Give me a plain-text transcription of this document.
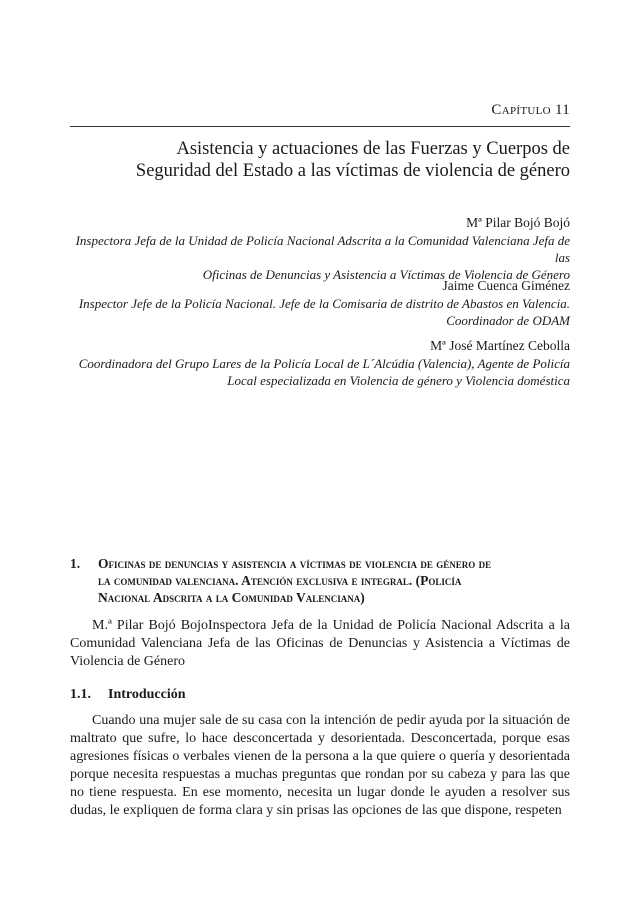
Capítulo 11
Asistencia y actuaciones de las Fuerzas y Cuerpos de
Seguridad del Estado a las víctimas de violencia de género
Mª Pilar Bojó Bojó
Inspectora Jefa de la Unidad de Policía Nacional Adscrita a la Comunidad Valenciana Jefa de las
Oficinas de Denuncias y Asistencia a Víctimas de Violencia de Género
Jaime Cuenca Giménez
Inspector Jefe de la Policía Nacional. Jefe de la Comisaria de distrito de Abastos en Valencia.
Coordinador de ODAM
Mª José Martínez Cebolla
Coordinadora del Grupo Lares de la Policía Local de L´Alcúdia (Valencia), Agente de Policía
Local especializada en Violencia de género y Violencia doméstica
1.	Oficinas de denuncias y asistencia a víctimas de violencia de género de
la comunidad valenciana. Atención exclusiva e integral. (Policía
Nacional Adscrita a la Comunidad Valenciana)

M.ª Pilar Bojó BojoInspectora Jefa de la Unidad de Policía Nacional Adscrita a la Comunidad Valenciana Jefa de las Oficinas de Denuncias y Asistencia a Víctimas de Violencia de Género

1.1. Introducción

Cuando una mujer sale de su casa con la intención de pedir ayuda por la situación de maltrato que sufre, lo hace desconcertada y desorientada. Desconcertada, porque esas agresiones físicas o verbales vienen de la persona a la que quiere o quería y desorientada porque necesita respuestas a muchas preguntas que rondan por su cabeza y para las que no tiene respuesta. En ese momento, necesita un lugar donde le ayuden a resolver sus dudas, le expliquen de forma clara y sin prisas las opciones de las que dispone, respeten
